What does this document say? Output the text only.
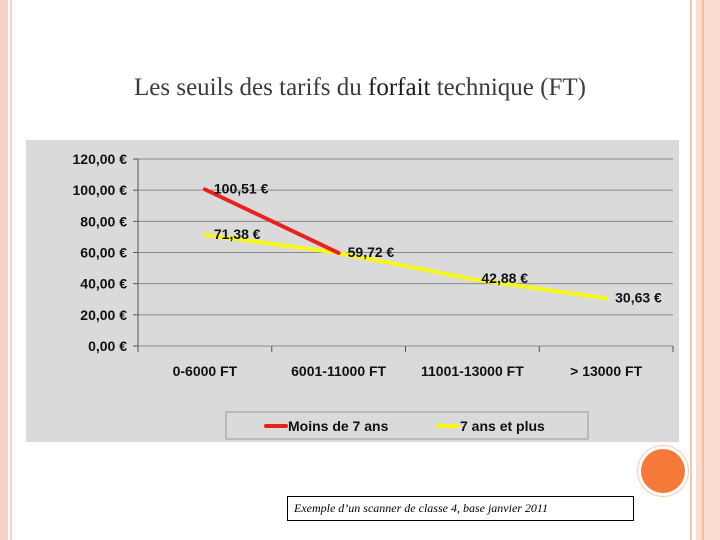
Les seuils des tarifs du forfait technique (FT)
0,00 €
20,00 €
40,00 €
60,00 €
80,00 €
100,00 €
120,00 €
0-6000 FT	6001-11000 FT 11001-13000 FT	> 13000 FT
100,51 €
71,38 €
59,72 €
42,88 €
30,63 €
Moins de 7 ans	7 ans et plus
Exemple d’un scanner de classe 4, base janvier 2011
